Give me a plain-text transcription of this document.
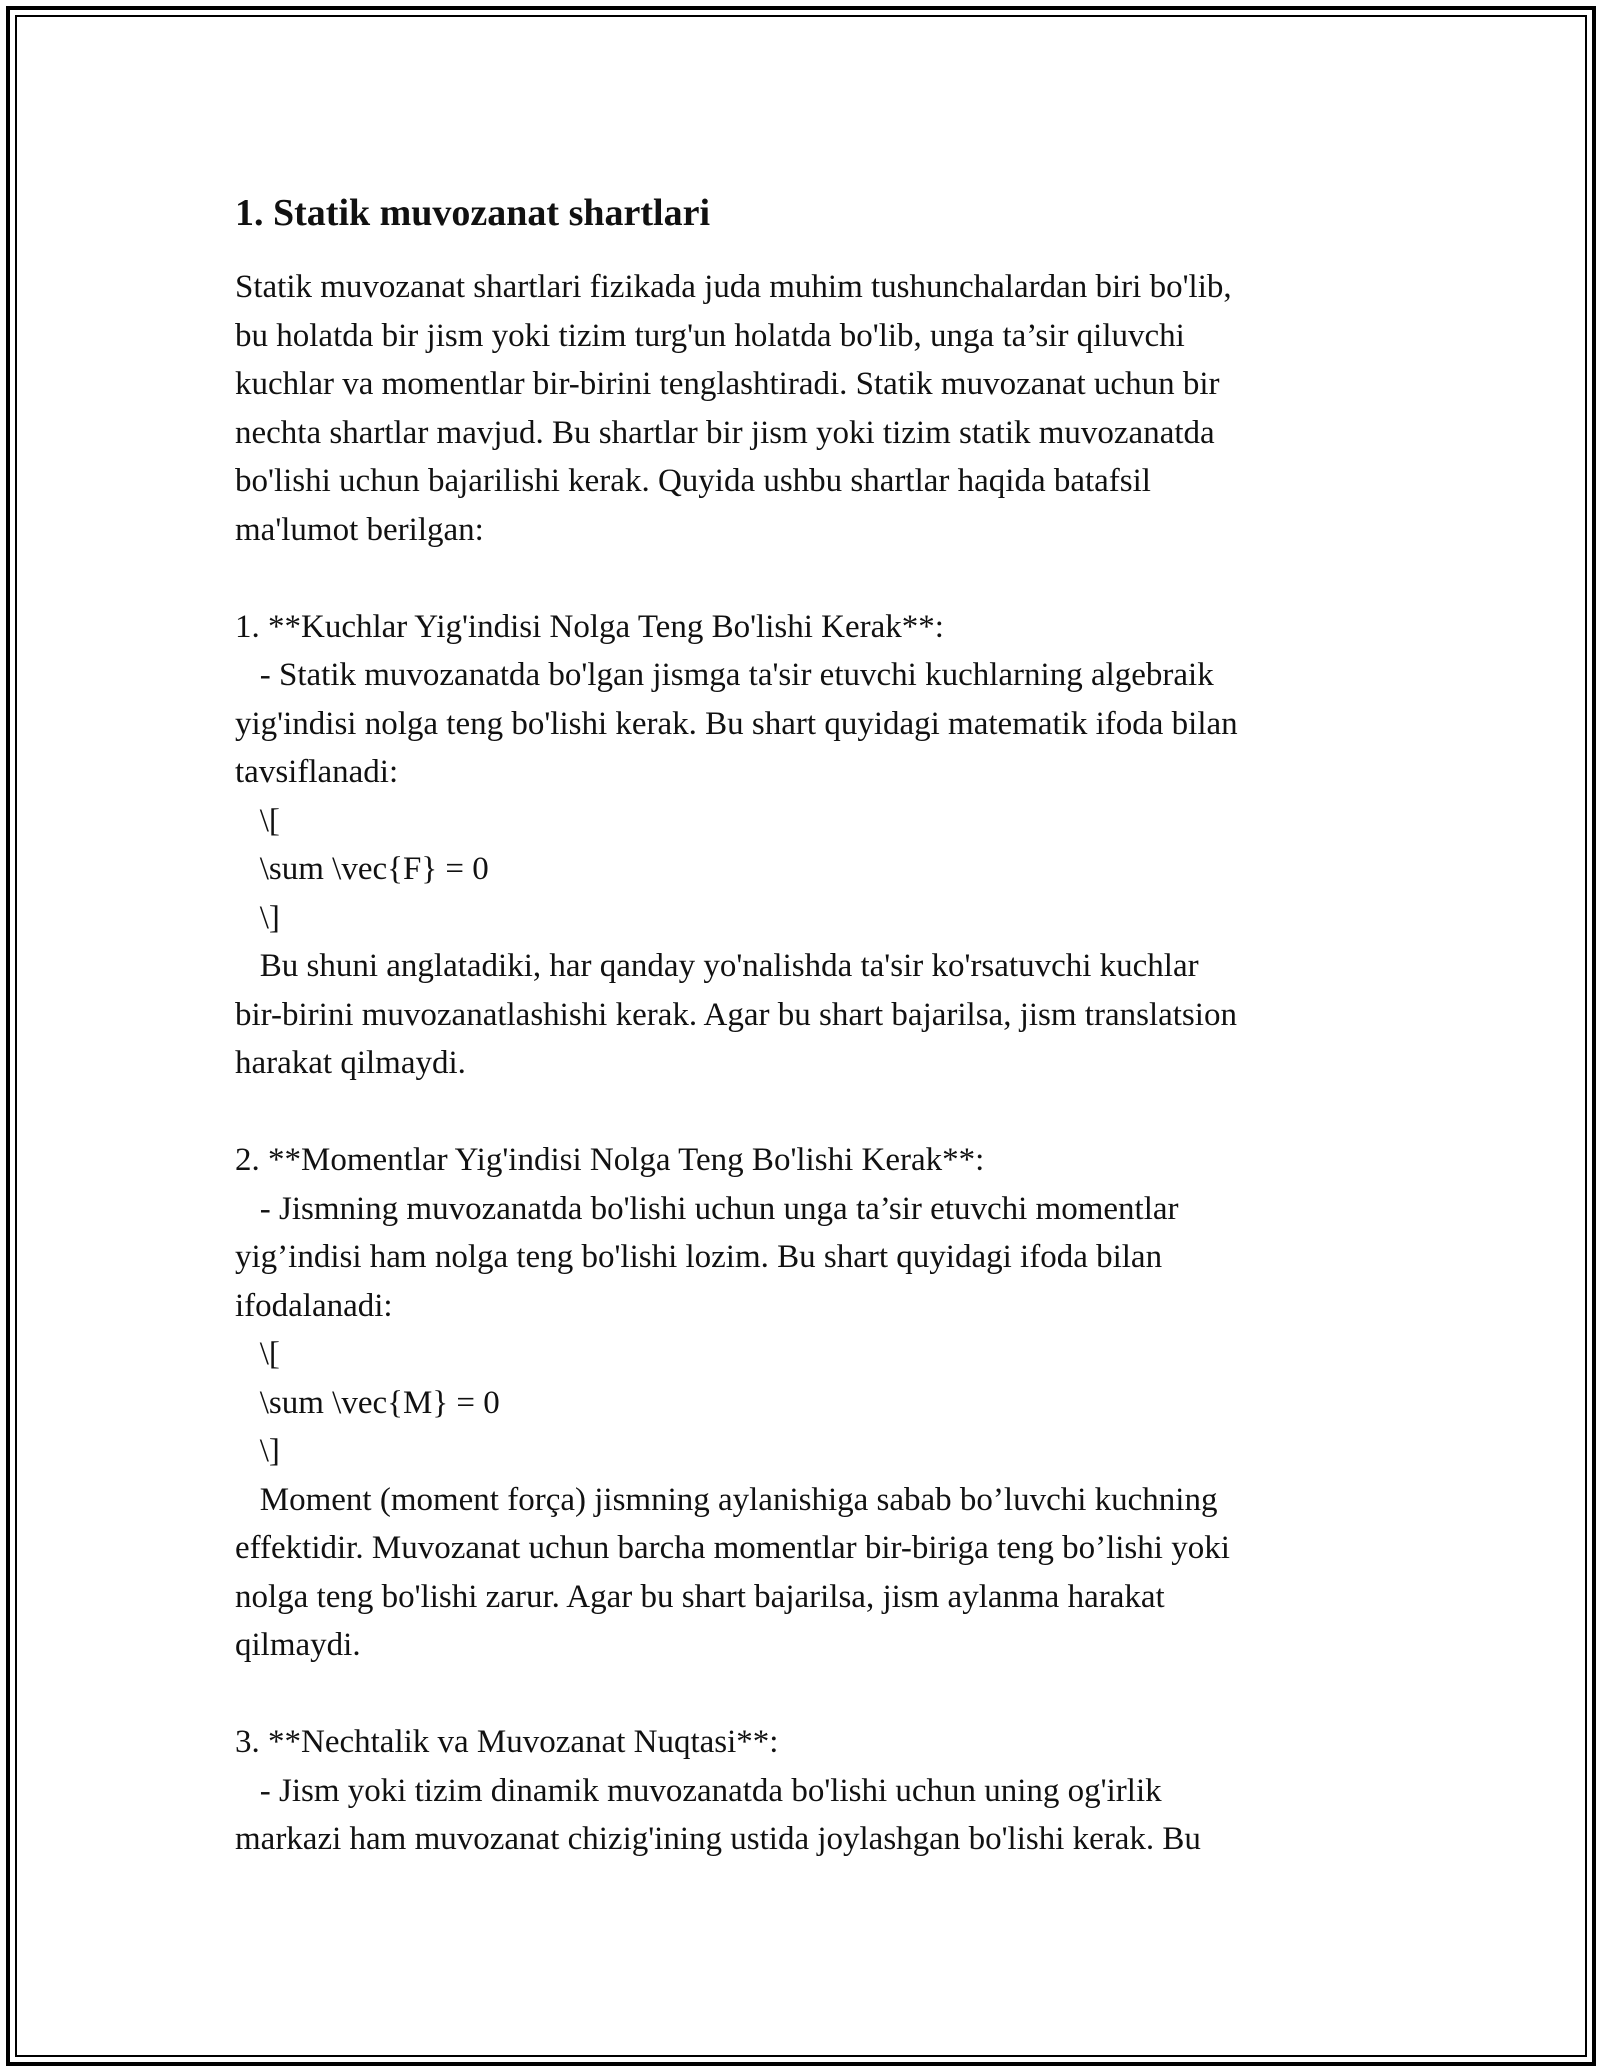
1. Statik muvozanat shartlari
Statik muvozanat shartlari fizikada juda muhim tushunchalardan biri bo'lib,
bu holatda bir jism yoki tizim turg'un holatda bo'lib, unga ta’sir qiluvchi
kuchlar va momentlar bir-birini tenglashtiradi. Statik muvozanat uchun bir
nechta shartlar mavjud. Bu shartlar bir jism yoki tizim statik muvozanatda
bo'lishi uchun bajarilishi kerak. Quyida ushbu shartlar haqida batafsil
ma'lumot berilgan:
1. **Kuchlar Yig'indisi Nolga Teng Bo'lishi Kerak**:
- Statik muvozanatda bo'lgan jismga ta'sir etuvchi kuchlarning algebraik
yig'indisi nolga teng bo'lishi kerak. Bu shart quyidagi matematik ifoda bilan
tavsiflanadi:
\[
\sum \vec{F} = 0
\]
Bu shuni anglatadiki, har qanday yo'nalishda ta'sir ko'rsatuvchi kuchlar
bir-birini muvozanatlashishi kerak. Agar bu shart bajarilsa, jism translatsion
harakat qilmaydi.
2. **Momentlar Yig'indisi Nolga Teng Bo'lishi Kerak**:
- Jismning muvozanatda bo'lishi uchun unga ta’sir etuvchi momentlar
yig’indisi ham nolga teng bo'lishi lozim. Bu shart quyidagi ifoda bilan
ifodalanadi:
\[
\sum \vec{M} = 0
\]
Moment (moment força) jismning aylanishiga sabab bo’luvchi kuchning
effektidir. Muvozanat uchun barcha momentlar bir-biriga teng bo’lishi yoki
nolga teng bo'lishi zarur. Agar bu shart bajarilsa, jism aylanma harakat
qilmaydi.
3. **Nechtalik va Muvozanat Nuqtasi**:
- Jism yoki tizim dinamik muvozanatda bo'lishi uchun uning og'irlik
markazi ham muvozanat chizig'ining ustida joylashgan bo'lishi kerak. Bu
